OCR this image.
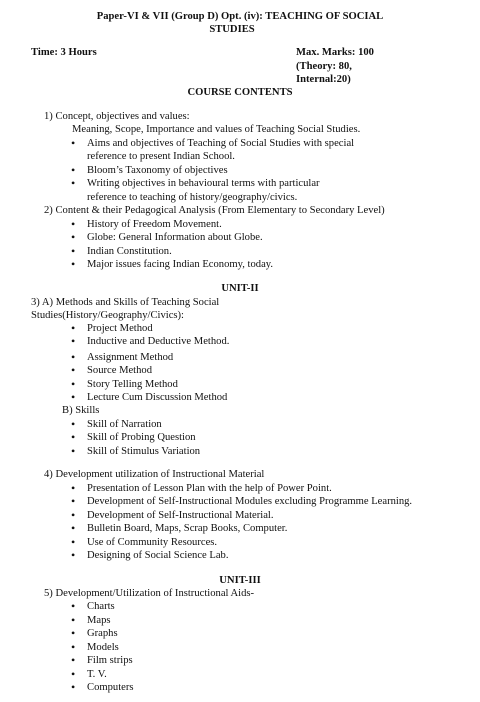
Paper-VI & VII (Group D) Opt. (iv): TEACHING OF SOCIAL
STUDIES
Time: 3 Hours	Max. Marks: 100
(Theory: 80,
Internal:20)
COURSE CONTENTS
1) Concept, objectives and values:
Meaning, Scope, Importance and values of Teaching Social Studies.
• Aims and objectives of Teaching of Social Studies with special
reference to present Indian School.
• Bloom’s Taxonomy of objectives
• Writing objectives in behavioural terms with particular
reference to teaching of history/geography/civics.
2) Content & their Pedagogical Analysis (From Elementary to Secondary Level)
• History of Freedom Movement.
• Globe: General Information about Globe.
• Indian Constitution.
• Major issues facing Indian Economy, today.
UNIT-II
3) A) Methods and Skills of Teaching Social
Studies(History/Geography/Civics):
• Project Method
• Inductive and Deductive Method.
• Assignment Method
• Source Method
• Story Telling Method
• Lecture Cum Discussion Method
B) Skills
• Skill of Narration
• Skill of Probing Question
• Skill of Stimulus Variation
4) Development utilization of Instructional Material
• Presentation of Lesson Plan with the help of Power Point.
• Development of Self-Instructional Modules excluding Programme Learning.
• Development of Self-Instructional Material.
• Bulletin Board, Maps, Scrap Books, Computer.
• Use of Community Resources.
• Designing of Social Science Lab.
UNIT-III
5) Development/Utilization of Instructional Aids-
• Charts
• Maps
• Graphs
• Models
• Film strips
• T. V.
• Computers
